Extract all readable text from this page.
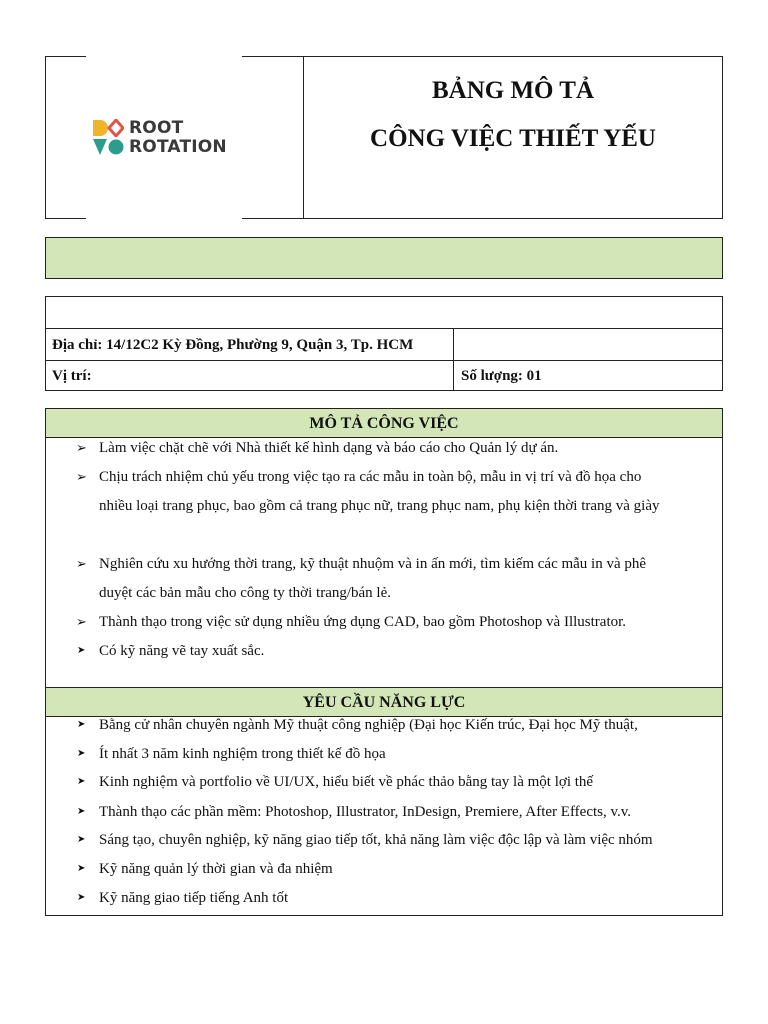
ROOT
ROTATION
BẢNG MÔ TẢ
CÔNG VIỆC THIẾT YẾU
Địa chỉ: 14/12C2 Kỳ Đồng, Phường 9, Quận 3, Tp. HCM
Vị trí:	Số lượng: 01
MÔ TẢ CÔNG VIỆC
➢ Làm việc chặt chẽ với Nhà thiết kế hình dạng và báo cáo cho Quản lý dự án.
➢ Chịu trách nhiệm chủ yếu trong việc tạo ra các mẫu in toàn bộ, mẫu in vị trí và đồ họa cho
nhiều loại trang phục, bao gồm cả trang phục nữ, trang phục nam, phụ kiện thời trang và giày
➢ Nghiên cứu xu hướng thời trang, kỹ thuật nhuộm và in ấn mới, tìm kiếm các mẫu in và phê
duyệt các bản mẫu cho công ty thời trang/bán lẻ.
➢ Thành thạo trong việc sử dụng nhiều ứng dụng CAD, bao gồm Photoshop và Illustrator.
➤ Có kỹ năng vẽ tay xuất sắc.
YÊU CẦU NĂNG LỰC
➤ Bằng cử nhân chuyên ngành Mỹ thuật công nghiệp (Đại học Kiến trúc, Đại học Mỹ thuật,
➤ Ít nhất 3 năm kinh nghiệm trong thiết kế đồ họa
➤ Kinh nghiệm và portfolio về UI/UX, hiểu biết về phác thảo bằng tay là một lợi thế
➤ Thành thạo các phần mềm: Photoshop, Illustrator, InDesign, Premiere, After Effects, v.v.
➤ Sáng tạo, chuyên nghiệp, kỹ năng giao tiếp tốt, khả năng làm việc độc lập và làm việc nhóm
➤ Kỹ năng quản lý thời gian và đa nhiệm
➤ Kỹ năng giao tiếp tiếng Anh tốt
